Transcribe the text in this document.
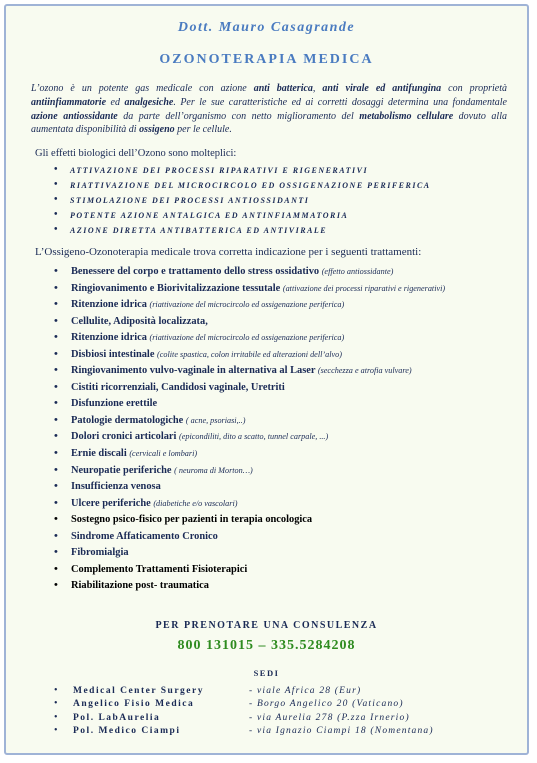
Dott. Mauro Casagrande
OZONOTERAPIA MEDICA
L’ozono è un potente gas medicale con azione anti batterica, anti virale ed antifungina con proprietà antiinfiammatorie ed analgesiche. Per le sue caratteristiche ed ai corretti dosaggi determina una fondamentale azione antiossidante da parte dell’organismo con netto miglioramento del metabolismo cellulare dovuto alla aumentata disponibilità di ossigeno per le cellule.
Gli effetti biologici dell’Ozono sono molteplici:
• ATTIVAZIONE DEI PROCESSI RIPARATIVI E RIGENERATIVI
• RIATTIVAZIONE DEL MICROCIRCOLO ED OSSIGENAZIONE PERIFERICA
• STIMOLAZIONE DEI PROCESSI ANTIOSSIDANTI
• POTENTE AZIONE ANTALGICA ED ANTINFIAMMATORIA
• AZIONE DIRETTA ANTIBATTERICA ED ANTIVIRALE
L’Ossigeno-Ozonoterapia medicale trova corretta indicazione per i seguenti trattamenti:
• Benessere del corpo e trattamento dello stress ossidativo (effetto antiossidante)
• Ringiovanimento e Biorivitalizzazione tessutale (attivazione dei processi riparativi e rigenerativi)
• Ritenzione idrica (riattivazione del microcircolo ed ossigenazione periferica)
• Cellulite, Adiposità localizzata,
• Ritenzione idrica (riattivazione del microcircolo ed ossigenazione periferica)
• Disbiosi intestinale (colite spastica, colon irritabile ed alterazioni dell’alvo)
• Ringiovanimento vulvo-vaginale in alternativa al Laser (secchezza e atrofia vulvare)
• Cistiti ricorrenziali, Candidosi vaginale, Uretriti
• Disfunzione erettile
• Patologie dermatologiche ( acne, psoriasi,..)
• Dolori cronici articolari (epicondiliti, dito a scatto, tunnel carpale, ...)
• Ernie discali (cervicali e lombari)
• Neuropatie periferiche ( neuroma di Morton…)
• Insufficienza venosa
• Ulcere periferiche (diabetiche e/o vascolari)
• Sostegno psico-fisico per pazienti in terapia oncologica
• Sindrome Affaticamento Cronico
• Fibromialgia
• Complemento Trattamenti Fisioterapici
• Riabilitazione post- traumatica
PER PRENOTARE UNA CONSULENZA
800 131015 – 335.5284208
SEDI
• Medical Center Surgery	- viale Africa 28 (Eur)
• Angelico Fisio Medica	- Borgo Angelico 20 (Vaticano)
• Pol. LabAurelia	- via Aurelia 278 (P.zza Irnerio)
• Pol. Medico Ciampi	- via Ignazio Ciampi 18 (Nomentana)
